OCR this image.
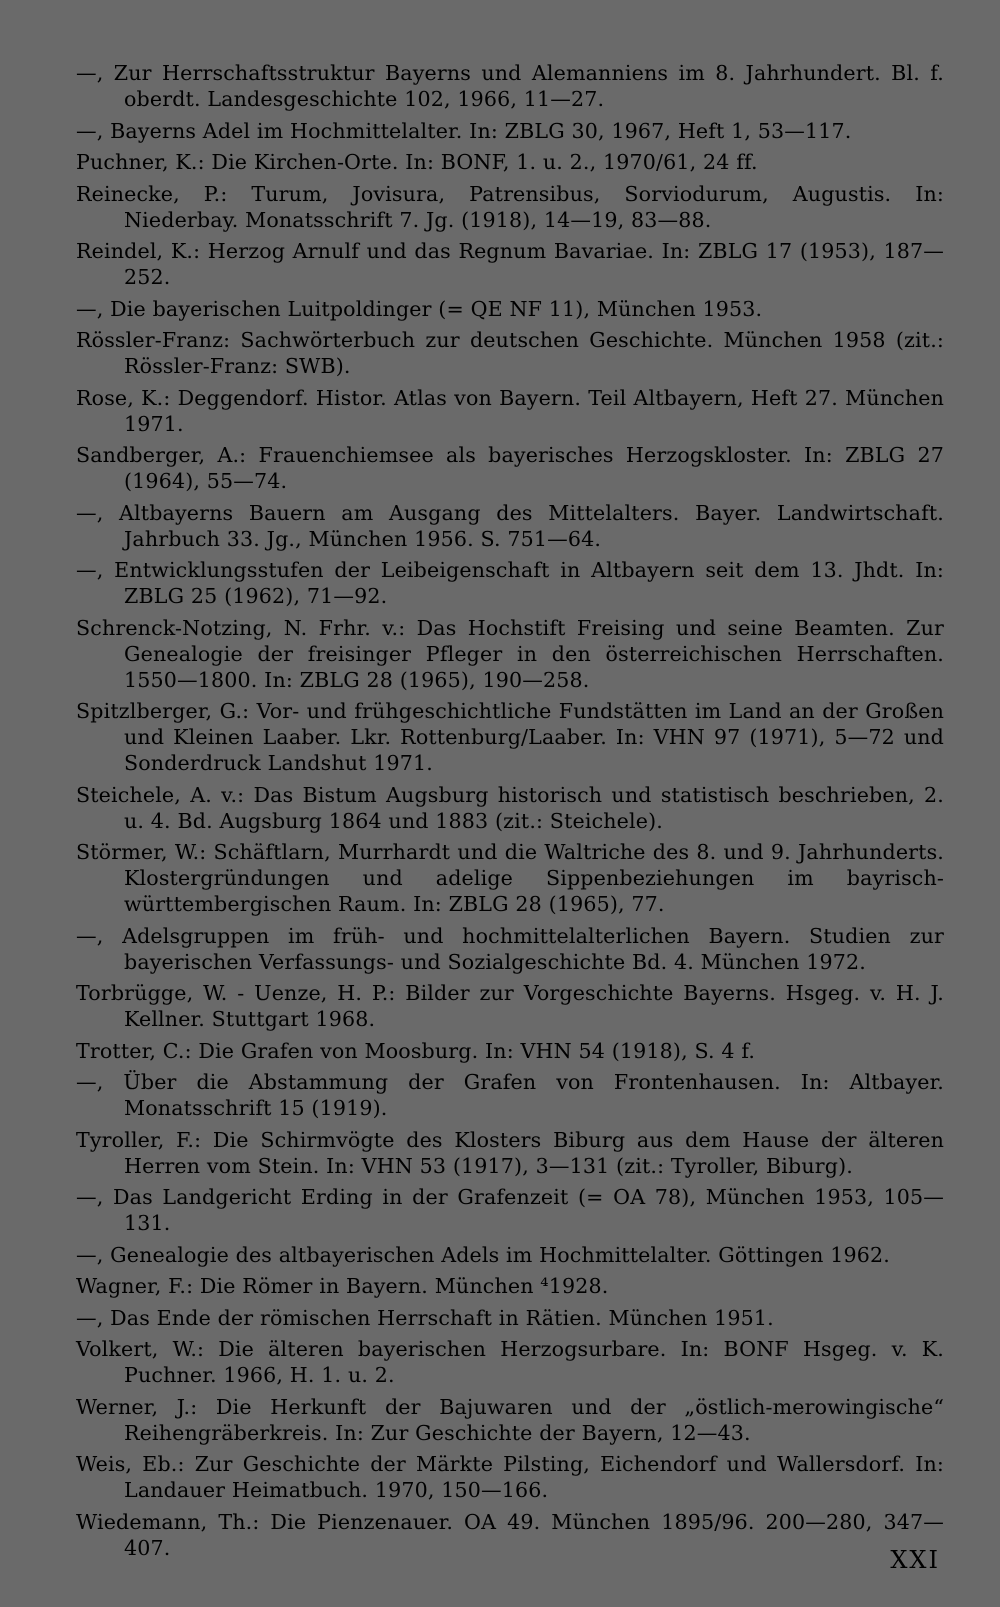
—, Zur Herrschaftsstruktur Bayerns und Alemanniens im 8. Jahrhundert. Bl. f. oberdt. Landesgeschichte 102, 1966, 11—27.

—, Bayerns Adel im Hochmittelalter. In: ZBLG 30, 1967, Heft 1, 53—117.

Puchner, K.: Die Kirchen-Orte. In: BONF, 1. u. 2., 1970/61, 24 ff.

Reinecke, P.: Turum, Jovisura, Patrensibus, Sorviodurum, Augustis. In: Niederbay. Monatsschrift 7. Jg. (1918), 14—19, 83—88.

Reindel, K.: Herzog Arnulf und das Regnum Bavariae. In: ZBLG 17 (1953), 187—252.

—, Die bayerischen Luitpoldinger (= QE NF 11), München 1953.

Rössler-Franz: Sachwörterbuch zur deutschen Geschichte. München 1958 (zit.: Rössler-Franz: SWB).

Rose, K.: Deggendorf. Histor. Atlas von Bayern. Teil Altbayern, Heft 27. München 1971.

Sandberger, A.: Frauenchiemsee als bayerisches Herzogskloster. In: ZBLG 27 (1964), 55—74.

—, Altbayerns Bauern am Ausgang des Mittelalters. Bayer. Landwirtschaft. Jahrbuch 33. Jg., München 1956. S. 751—64.

—, Entwicklungsstufen der Leibeigenschaft in Altbayern seit dem 13. Jhdt. In: ZBLG 25 (1962), 71—92.

Schrenck-Notzing, N. Frhr. v.: Das Hochstift Freising und seine Beamten. Zur Genealogie der freisinger Pfleger in den österreichischen Herrschaften. 1550—1800. In: ZBLG 28 (1965), 190—258.

Spitzlberger, G.: Vor- und frühgeschichtliche Fundstätten im Land an der Großen und Kleinen Laaber. Lkr. Rottenburg/Laaber. In: VHN 97 (1971), 5—72 und Sonderdruck Landshut 1971.

Steichele, A. v.: Das Bistum Augsburg historisch und statistisch beschrieben, 2. u. 4. Bd. Augsburg 1864 und 1883 (zit.: Steichele).

Störmer, W.: Schäftlarn, Murrhardt und die Waltriche des 8. und 9. Jahrhunderts. Klostergründungen und adelige Sippenbeziehungen im bayrisch-württembergischen Raum. In: ZBLG 28 (1965), 77.

—, Adelsgruppen im früh- und hochmittelalterlichen Bayern. Studien zur bayerischen Verfassungs- und Sozialgeschichte Bd. 4. München 1972.

Torbrügge, W. - Uenze, H. P.: Bilder zur Vorgeschichte Bayerns. Hsgeg. v. H. J. Kellner. Stuttgart 1968.

Trotter, C.: Die Grafen von Moosburg. In: VHN 54 (1918), S. 4 f.

—, Über die Abstammung der Grafen von Frontenhausen. In: Altbayer. Monatsschrift 15 (1919).

Tyroller, F.: Die Schirmvögte des Klosters Biburg aus dem Hause der älteren Herren vom Stein. In: VHN 53 (1917), 3—131 (zit.: Tyroller, Biburg).

—, Das Landgericht Erding in der Grafenzeit (= OA 78), München 1953, 105—131.

—, Genealogie des altbayerischen Adels im Hochmittelalter. Göttingen 1962.

Wagner, F.: Die Römer in Bayern. München ⁴1928.

—, Das Ende der römischen Herrschaft in Rätien. München 1951.

Volkert, W.: Die älteren bayerischen Herzogsurbare. In: BONF Hsgeg. v. K. Puchner. 1966, H. 1. u. 2.

Werner, J.: Die Herkunft der Bajuwaren und der „östlich-merowingische“ Reihengräberkreis. In: Zur Geschichte der Bayern, 12—43.

Weis, Eb.: Zur Geschichte der Märkte Pilsting, Eichendorf und Wallersdorf. In: Landauer Heimatbuch. 1970, 150—166.

Wiedemann, Th.: Die Pienzenauer. OA 49. München 1895/96. 200—280, 347—407.	XXI
